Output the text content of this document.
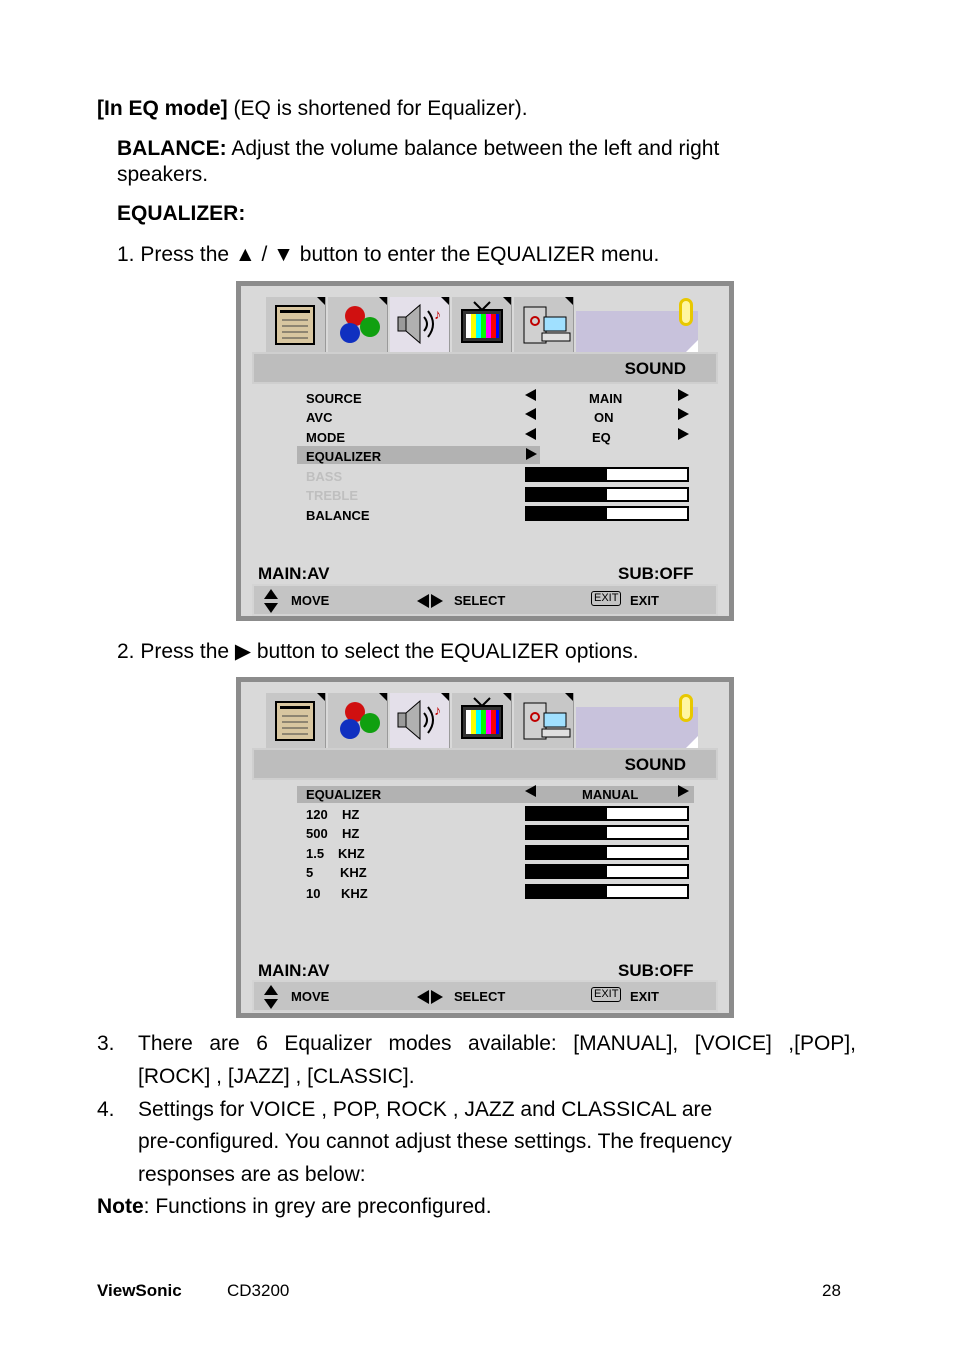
[In EQ mode] (EQ is shortened for Equalizer).
BALANCE: Adjust the volume balance between the left and right
speakers.
EQUALIZER:
1. Press the ▲ / ▼ button to enter the EQUALIZER menu.
♪
SOUND
SOURCE	MAIN
AVC	ON
MODE	EQ
EQUALIZER
BASS
TREBLE
BALANCE
MAIN:AV	SUB:OFF
MOVE	SELECT	EXIT EXIT
2. Press the ▶ button to select the EQUALIZER options.
♪
SOUND
EQUALIZER	MANUAL
120 HZ
500 HZ
1.5 KHZ
5 KHZ
10 KHZ
MAIN:AV	SUB:OFF
MOVE	SELECT	EXIT EXIT
3. There are 6 Equalizer modes available: [MANUAL], [VOICE] ,[POP],
[ROCK] , [JAZZ] , [CLASSIC].
4. Settings for VOICE , POP, ROCK , JAZZ and CLASSICAL are
pre-configured. You cannot adjust these settings. The frequency
responses are as below:
Note: Functions in grey are preconfigured.
ViewSonic	CD3200	28
